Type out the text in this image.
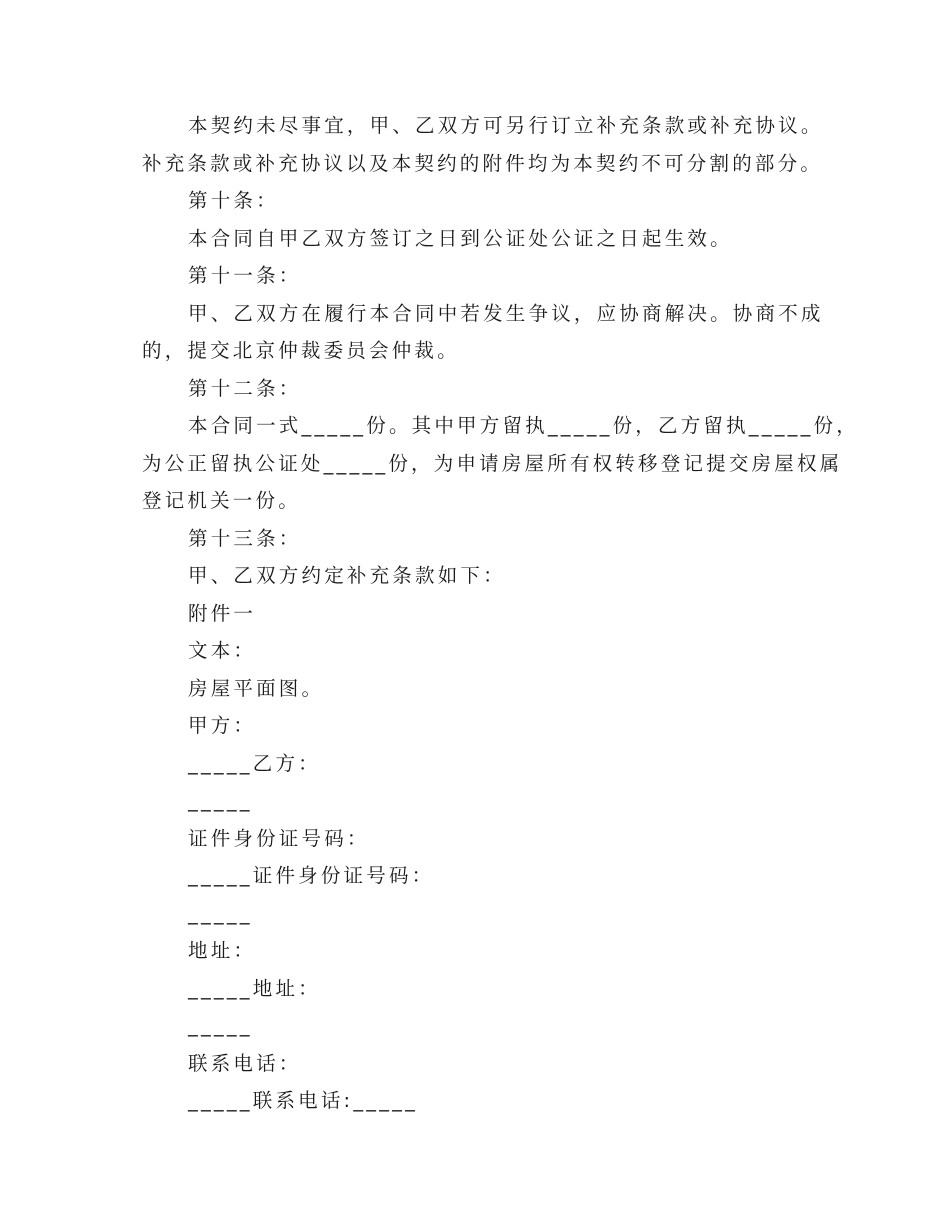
本契约未尽事宜，甲、乙双方可另行订立补充条款或补充协议。
补充条款或补充协议以及本契约的附件均为本契约不可分割的部分。
第十条：
本合同自甲乙双方签订之日到公证处公证之日起生效。
第十一条：
甲、乙双方在履行本合同中若发生争议，应协商解决。协商不成
的，提交北京仲裁委员会仲裁。
第十二条：
本合同一式_____份。其中甲方留执_____份，乙方留执_____份，
为公正留执公证处_____份，为申请房屋所有权转移登记提交房屋权属
登记机关一份。
第十三条：
甲、乙双方约定补充条款如下：
附件一
文本：
房屋平面图。
甲方：
_____乙方：
_____
证件身份证号码：
_____证件身份证号码：
_____
地址：
_____地址：
_____
联系电话：
_____联系电话:_____
